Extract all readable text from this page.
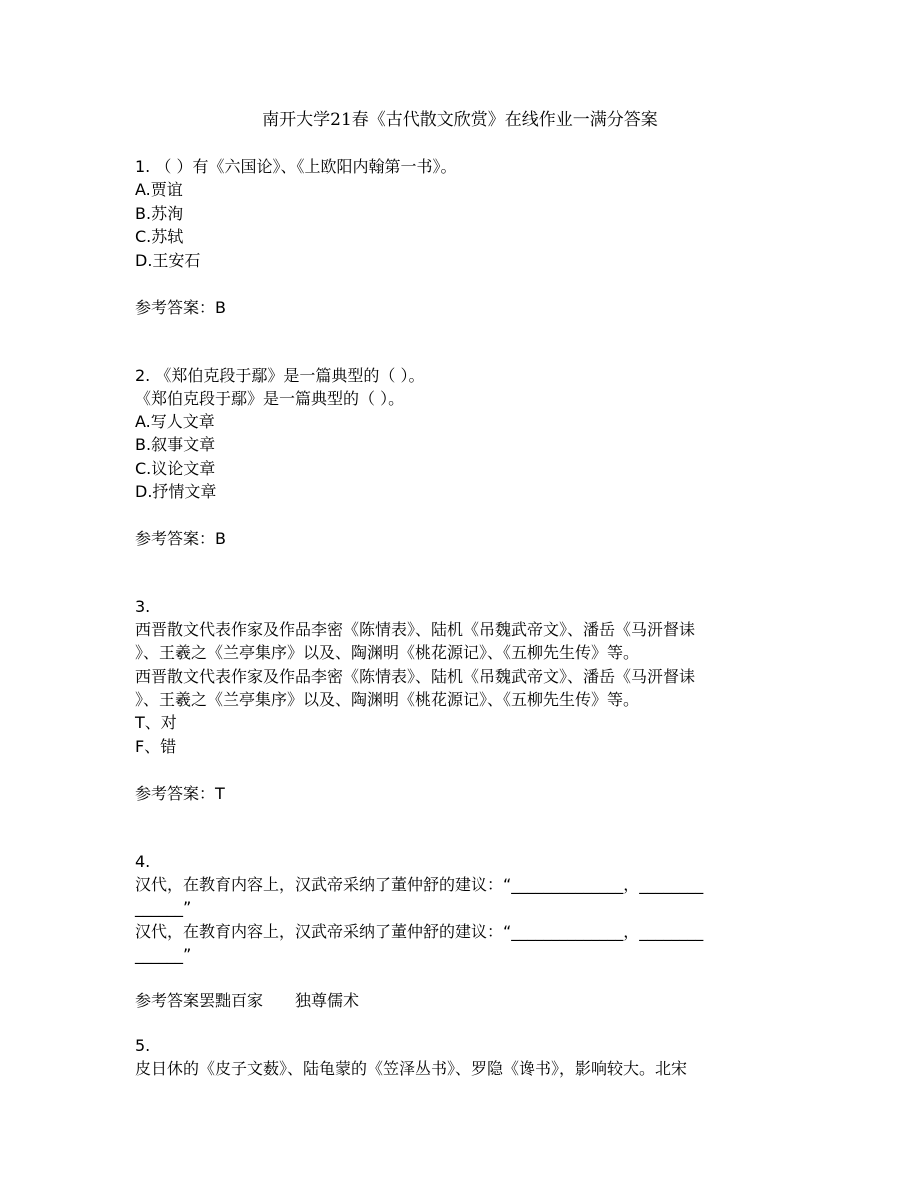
南开大学21春《古代散文欣赏》在线作业一满分答案
1. （ ）有《六国论》、《上欧阳内翰第一书》。
A.贾谊
B.苏洵
C.苏轼
D.王安石
参考答案：B
2. 《郑伯克段于鄢》是一篇典型的（ ）。
《郑伯克段于鄢》是一篇典型的（ ）。
A.写人文章
B.叙事文章
C.议论文章
D.抒情文章
参考答案：B
3.
西晋散文代表作家及作品李密《陈情表》、陆机《吊魏武帝文》、潘岳《马汧督诔
》、王羲之《兰亭集序》以及、陶渊明《桃花源记》、《五柳先生传》等。
西晋散文代表作家及作品李密《陈情表》、陆机《吊魏武帝文》、潘岳《马汧督诔
》、王羲之《兰亭集序》以及、陶渊明《桃花源记》、《五柳先生传》等。
T、对
F、错
参考答案：T
4.
汉代，在教育内容上，汉武帝采纳了董仲舒的建议：“______________，________
______”
汉代，在教育内容上，汉武帝采纳了董仲舒的建议：“______________，________
______”
参考答案罢黜百家　　独尊儒术
5.
皮日休的《皮子文薮》、陆龟蒙的《笠泽丛书》、罗隐《谗书》，影响较大。北宋
